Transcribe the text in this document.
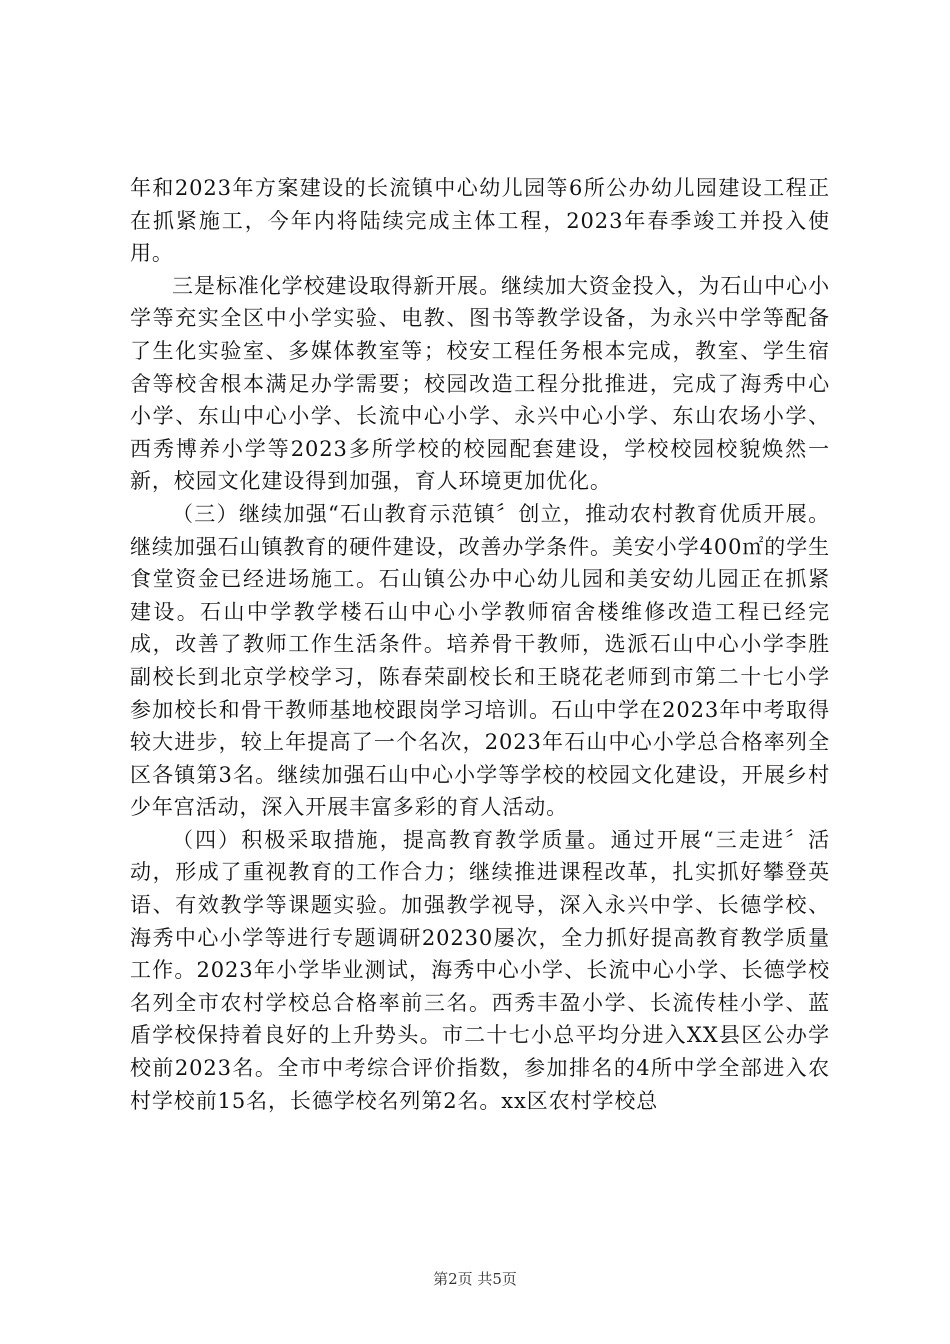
年和2023年方案建设的长流镇中心幼儿园等6所公办幼儿园建设工程正在抓紧施工，今年内将陆续完成主体工程，2023年春季竣工并投入使用。

三是标准化学校建设取得新开展。继续加大资金投入，为石山中心小学等充实全区中小学实验、电教、图书等教学设备，为永兴中学等配备了生化实验室、多媒体教室等；校安工程任务根本完成，教室、学生宿舍等校舍根本满足办学需要；校园改造工程分批推进，完成了海秀中心小学、东山中心小学、长流中心小学、永兴中心小学、东山农场小学、西秀博养小学等2023多所学校的校园配套建设，学校校园校貌焕然一新，校园文化建设得到加强，育人环境更加优化。

（三）继续加强“石山教育示范镇〞创立，推动农村教育优质开展。继续加强石山镇教育的硬件建设，改善办学条件。美安小学400㎡的学生食堂资金已经进场施工。石山镇公办中心幼儿园和美安幼儿园正在抓紧建设。石山中学教学楼石山中心小学教师宿舍楼维修改造工程已经完成，改善了教师工作生活条件。培养骨干教师，选派石山中心小学李胜副校长到北京学校学习，陈春荣副校长和王晓花老师到市第二十七小学参加校长和骨干教师基地校跟岗学习培训。石山中学在2023年中考取得较大进步，较上年提高了一个名次，2023年石山中心小学总合格率列全区各镇第3名。继续加强石山中心小学等学校的校园文化建设，开展乡村少年宫活动，深入开展丰富多彩的育人活动。

（四）积极采取措施，提高教育教学质量。通过开展“三走进〞活动，形成了重视教育的工作合力；继续推进课程改革，扎实抓好攀登英语、有效教学等课题实验。加强教学视导，深入永兴中学、长德学校、海秀中心小学等进行专题调研20230屡次，全力抓好提高教育教学质量工作。2023年小学毕业测试，海秀中心小学、长流中心小学、长德学校名列全市农村学校总合格率前三名。西秀丰盈小学、长流传桂小学、蓝盾学校保持着良好的上升势头。市二十七小总平均分进入XX县区公办学校前2023名。全市中考综合评价指数，参加排名的4所中学全部进入农村学校前15名，长德学校名列第2名。xx区农村学校总

第2页 共5页
